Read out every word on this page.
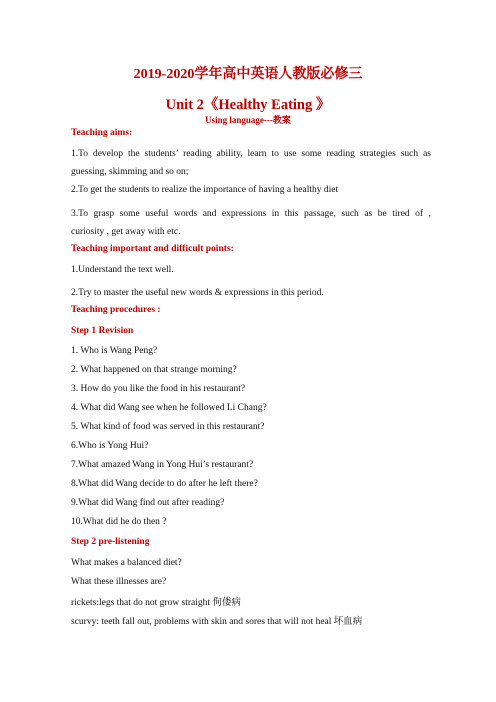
2019-2020学年高中英语人教版必修三
Unit 2《Healthy Eating 》
Using language---教案
Teaching aims:
1.To develop the students’ reading ability, learn to use some reading strategies such as
guessing, skimming and so on;
2.To get the students to realize the importance of having a healthy diet
3.To grasp some useful words and expressions in this passage, such as be tired of ,
curiosity , get away with etc.
Teaching important and difficult points:
1.Understand the text well.
2.Try to master the useful new words & expressions in this period.
Teaching procedures :
Step 1 Revision
1. Who is Wang Peng?
2. What happened on that strange morning?
3. How do you like the food in his restaurant?
4. What did Wang see when he followed Li Chang?
5. What kind of food was served in this restaurant?
6.Who is Yong Hui?
7.What amazed Wang in Yong Hui’s restaurant?
8.What did Wang decide to do after he left there?
9.What did Wang find out after reading?
10.What did he do then ?
Step 2 pre-listening
What makes a balanced diet?
What these illnesses are?
rickets:legs that do not grow straight 佝偻病
scurvy: teeth fall out, problems with skin and sores that will not heal 坏血病
